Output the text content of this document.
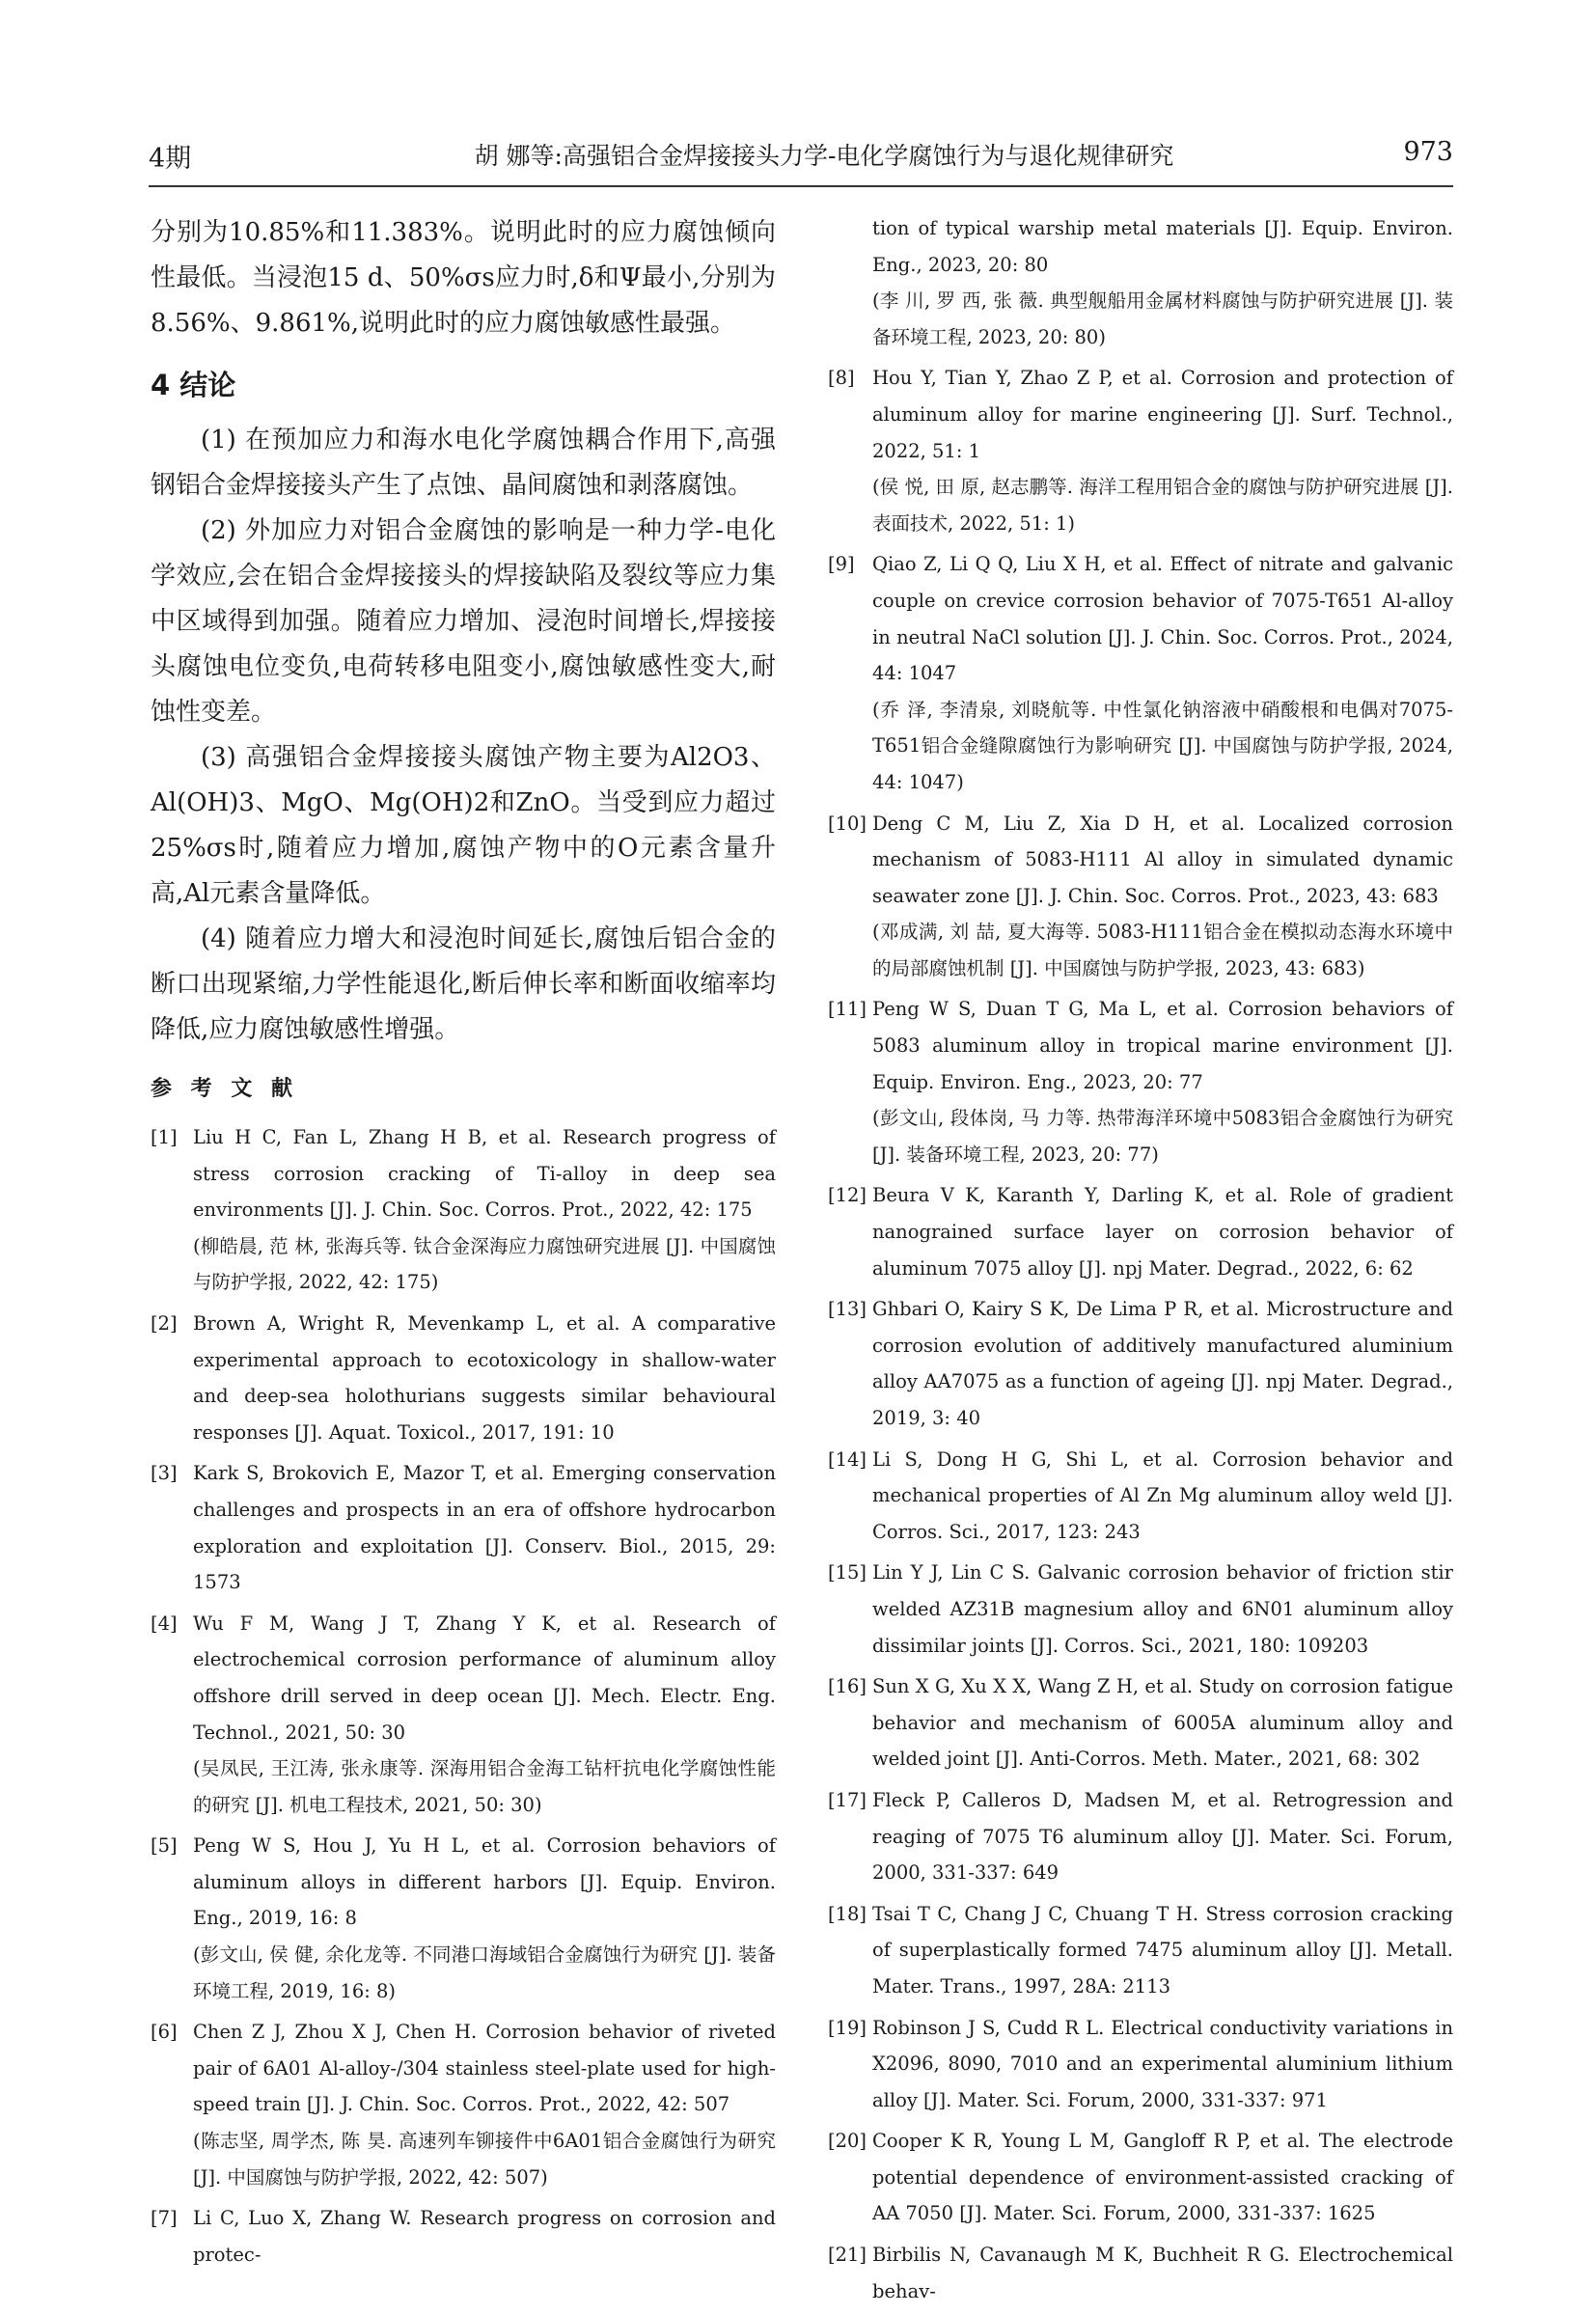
4期	胡 娜等:高强铝合金焊接接头力学-电化学腐蚀行为与退化规律研究	973

分别为10.85%和11.383%。说明此时的应力腐蚀倾向性最低。当浸泡15 d、50%σs应力时,δ和Ψ最小,分别为8.56%、9.861%,说明此时的应力腐蚀敏感性最强。

4 结论

(1) 在预加应力和海水电化学腐蚀耦合作用下,高强钢铝合金焊接接头产生了点蚀、晶间腐蚀和剥落腐蚀。

(2) 外加应力对铝合金腐蚀的影响是一种力学-电化学效应,会在铝合金焊接接头的焊接缺陷及裂纹等应力集中区域得到加强。随着应力增加、浸泡时间增长,焊接接头腐蚀电位变负,电荷转移电阻变小,腐蚀敏感性变大,耐蚀性变差。

(3) 高强铝合金焊接接头腐蚀产物主要为Al2O3、Al(OH)3、MgO、Mg(OH)2和ZnO。当受到应力超过25%σs时,随着应力增加,腐蚀产物中的O元素含量升高,Al元素含量降低。

(4) 随着应力增大和浸泡时间延长,腐蚀后铝合金的断口出现紧缩,力学性能退化,断后伸长率和断面收缩率均降低,应力腐蚀敏感性增强。

参 考 文 献
[1] Liu H C, Fan L, Zhang H B, et al. Research progress of stress corrosion cracking of Ti-alloy in deep sea environments [J]. J. Chin. Soc. Corros. Prot., 2022, 42: 175
(柳皓晨, 范 林, 张海兵等. 钛合金深海应力腐蚀研究进展 [J]. 中国腐蚀与防护学报, 2022, 42: 175)
[2] Brown A, Wright R, Mevenkamp L, et al. A comparative experimental approach to ecotoxicology in shallow-water and deep-sea holothurians suggests similar behavioural responses [J]. Aquat. Toxicol., 2017, 191: 10
[3] Kark S, Brokovich E, Mazor T, et al. Emerging conservation challenges and prospects in an era of offshore hydrocarbon exploration and exploitation [J]. Conserv. Biol., 2015, 29: 1573
[4] Wu F M, Wang J T, Zhang Y K, et al. Research of electrochemical corrosion performance of aluminum alloy offshore drill served in deep ocean [J]. Mech. Electr. Eng. Technol., 2021, 50: 30
(吴凤民, 王江涛, 张永康等. 深海用铝合金海工钻杆抗电化学腐蚀性能的研究 [J]. 机电工程技术, 2021, 50: 30)
[5] Peng W S, Hou J, Yu H L, et al. Corrosion behaviors of aluminum alloys in different harbors [J]. Equip. Environ. Eng., 2019, 16: 8
(彭文山, 侯 健, 余化龙等. 不同港口海域铝合金腐蚀行为研究 [J]. 装备环境工程, 2019, 16: 8)
[6] Chen Z J, Zhou X J, Chen H. Corrosion behavior of riveted pair of 6A01 Al-alloy-/304 stainless steel-plate used for high-speed train [J]. J. Chin. Soc. Corros. Prot., 2022, 42: 507
(陈志坚, 周学杰, 陈 昊. 高速列车铆接件中6A01铝合金腐蚀行为研究 [J]. 中国腐蚀与防护学报, 2022, 42: 507)
[7] Li C, Luo X, Zhang W. Research progress on corrosion and protec-
tion of typical warship metal materials [J]. Equip. Environ. Eng., 2023, 20: 80
(李 川, 罗 西, 张 薇. 典型舰船用金属材料腐蚀与防护研究进展 [J]. 装备环境工程, 2023, 20: 80)
[8] Hou Y, Tian Y, Zhao Z P, et al. Corrosion and protection of aluminum alloy for marine engineering [J]. Surf. Technol., 2022, 51: 1
(侯 悦, 田 原, 赵志鹏等. 海洋工程用铝合金的腐蚀与防护研究进展 [J]. 表面技术, 2022, 51: 1)
[9] Qiao Z, Li Q Q, Liu X H, et al. Effect of nitrate and galvanic couple on crevice corrosion behavior of 7075-T651 Al-alloy in neutral NaCl solution [J]. J. Chin. Soc. Corros. Prot., 2024, 44: 1047
(乔 泽, 李清泉, 刘晓航等. 中性氯化钠溶液中硝酸根和电偶对7075-T651铝合金缝隙腐蚀行为影响研究 [J]. 中国腐蚀与防护学报, 2024, 44: 1047)
[10] Deng C M, Liu Z, Xia D H, et al. Localized corrosion mechanism of 5083-H111 Al alloy in simulated dynamic seawater zone [J]. J. Chin. Soc. Corros. Prot., 2023, 43: 683
(邓成满, 刘 喆, 夏大海等. 5083-H111铝合金在模拟动态海水环境中的局部腐蚀机制 [J]. 中国腐蚀与防护学报, 2023, 43: 683)
[11] Peng W S, Duan T G, Ma L, et al. Corrosion behaviors of 5083 aluminum alloy in tropical marine environment [J]. Equip. Environ. Eng., 2023, 20: 77
(彭文山, 段体岗, 马 力等. 热带海洋环境中5083铝合金腐蚀行为研究 [J]. 装备环境工程, 2023, 20: 77)
[12] Beura V K, Karanth Y, Darling K, et al. Role of gradient nanograined surface layer on corrosion behavior of aluminum 7075 alloy [J]. npj Mater. Degrad., 2022, 6: 62
[13] Ghbari O, Kairy S K, De Lima P R, et al. Microstructure and corrosion evolution of additively manufactured aluminium alloy AA7075 as a function of ageing [J]. npj Mater. Degrad., 2019, 3: 40
[14] Li S, Dong H G, Shi L, et al. Corrosion behavior and mechanical properties of Al Zn Mg aluminum alloy weld [J]. Corros. Sci., 2017, 123: 243
[15] Lin Y J, Lin C S. Galvanic corrosion behavior of friction stir welded AZ31B magnesium alloy and 6N01 aluminum alloy dissimilar joints [J]. Corros. Sci., 2021, 180: 109203
[16] Sun X G, Xu X X, Wang Z H, et al. Study on corrosion fatigue behavior and mechanism of 6005A aluminum alloy and welded joint [J]. Anti-Corros. Meth. Mater., 2021, 68: 302
[17] Fleck P, Calleros D, Madsen M, et al. Retrogression and reaging of 7075 T6 aluminum alloy [J]. Mater. Sci. Forum, 2000, 331-337: 649
[18] Tsai T C, Chang J C, Chuang T H. Stress corrosion cracking of superplastically formed 7475 aluminum alloy [J]. Metall. Mater. Trans., 1997, 28A: 2113
[19] Robinson J S, Cudd R L. Electrical conductivity variations in X2096, 8090, 7010 and an experimental aluminium lithium alloy [J]. Mater. Sci. Forum, 2000, 331-337: 971
[20] Cooper K R, Young L M, Gangloff R P, et al. The electrode potential dependence of environment-assisted cracking of AA 7050 [J]. Mater. Sci. Forum, 2000, 331-337: 1625
[21] Birbilis N, Cavanaugh M K, Buchheit R G. Electrochemical behav-
